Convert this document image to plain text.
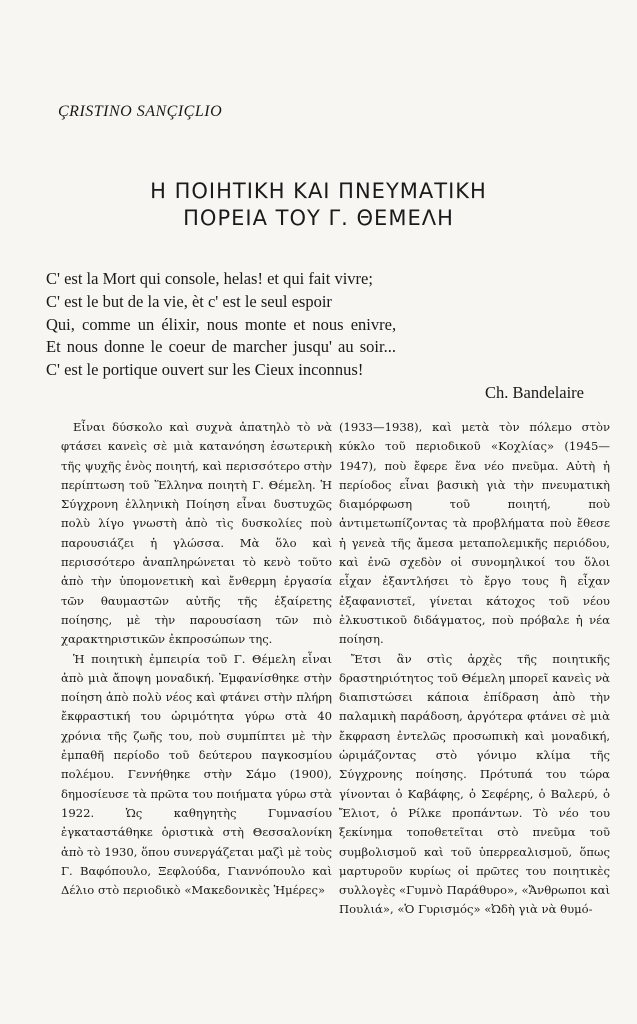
ÇRISTINO SANÇIÇLIO

Η ΠΟΙΗΤΙΚΗ ΚΑΙ ΠΝΕΥΜΑΤΙΚΗ
ΠΟΡΕΙΑ ΤΟΥ Γ. ΘΕΜΕΛΗ
C' est la Mort qui console, helas! et qui fait vivre;
C' est le but de la vie, èt c' est le seul espoir
Qui, comme un élixir, nous monte et nous enivre,
Et nous donne le coeur de marcher jusqu' au soir...
C' est le portique ouvert sur les Cieux inconnus!
Ch. Bandelaire

Εἶναι δύσκολο καὶ συχνὰ ἀπατηλὸ τὸ νὰ φτάσει κανεὶς σὲ μιὰ κατανόηση ἐσωτερικὴ τῆς ψυχῆς ἑνὸς ποιητή, καὶ περισσότερο στὴν περίπτωση τοῦ Ἕλληνα ποιητὴ Γ. Θέμελη. Ἡ Σύγχρονη ἑλληνικὴ Ποίηση εἶναι δυστυχῶς πολὺ λίγο γνωστὴ ἀπὸ τὶς δυσκολίες ποὺ παρουσιάζει ἡ γλώσσα. Μὰ ὅλο καὶ περισσότερο ἀναπληρώνεται τὸ κενὸ τοῦτο ἀπὸ τὴν ὑπομονετικὴ καὶ ἔνθερμη ἐργασία τῶν θαυμαστῶν αὐτῆς τῆς ἐξαίρετης ποίησης, μὲ τὴν παρουσίαση τῶν πιὸ χαρακτηριστικῶν ἐκπροσώπων της.

Ἡ ποιητικὴ ἐμπειρία τοῦ Γ. Θέμελη εἶναι ἀπὸ μιὰ ἄποψη μοναδική. Ἐμφανίσθηκε στὴν ποίηση ἀπὸ πολὺ νέος καὶ φτάνει στὴν πλήρη ἔκφραστική του ὡριμότητα γύρω στὰ 40 χρόνια τῆς ζωῆς του, ποὺ συμπίπτει μὲ τὴν ἐμπαθῆ περίοδο τοῦ δεύτερου παγκοσμίου πολέμου. Γεννήθηκε στὴν Σάμο (1900), δημοσίευσε τὰ πρῶτα του ποιήματα γύρω στὰ 1922. Ὡς καθηγητὴς Γυμνασίου ἐγκαταστάθηκε ὁριστικὰ στὴ Θεσσαλονίκη ἀπὸ τὸ 1930, ὅπου συνεργάζεται μαζὶ μὲ τοὺς Γ. Βαφόπουλο, Ξεφλούδα, Γιαννόπουλο καὶ Δέλιο στὸ περιοδικὸ «Μακεδονικὲς Ἡμέρες»

(1933—1938), καὶ μετὰ τὸν πόλεμο στὸν κύκλο τοῦ περιοδικοῦ «Κοχλίας» (1945—1947), ποὺ ἔφερε ἕνα νέο πνεῦμα. Αὐτὴ ἡ περίοδος εἶναι βασικὴ γιὰ τὴν πνευματικὴ διαμόρφωση τοῦ ποιητή, ποὺ ἀντιμετωπίζοντας τὰ προβλήματα ποὺ ἔθεσε ἡ γενεὰ τῆς ἄμεσα μεταπολεμικῆς περιόδου, καὶ ἐνῶ σχεδὸν οἱ συνομηλικοί του ὅλοι εἶχαν ἐξαντλήσει τὸ ἔργο τους ἢ εἶχαν ἐξαφανιστεῖ, γίνεται κάτοχος τοῦ νέου ἐλκυστικοῦ διδάγματος, ποὺ πρόβαλε ἡ νέα ποίηση.

Ἔτσι ἂν στὶς ἀρχὲς τῆς ποιητικῆς δραστηριότητος τοῦ Θέμελη μπορεῖ κανεὶς νὰ διαπιστώσει κάποια ἐπίδραση ἀπὸ τὴν παλαμικὴ παράδοση, ἀργότερα φτάνει σὲ μιὰ ἔκφραση ἐντελῶς προσωπικὴ καὶ μοναδική, ὡριμάζοντας στὸ γόνιμο κλίμα τῆς Σύγχρονης ποίησης. Πρότυπά του τώρα γίνονται ὁ Καβάφης, ὁ Σεφέρης, ὁ Βαλερύ, ὁ Ἔλιοτ, ὁ Ρίλκε προπάντων. Τὸ νέο του ξεκίνημα τοποθετεῖται στὸ πνεῦμα τοῦ συμβολισμοῦ καὶ τοῦ ὑπερρεαλισμοῦ, ὅπως μαρτυροῦν κυρίως οἱ πρῶτες του ποιητικὲς συλλογὲς «Γυμνὸ Παράθυρο», «Ἄνθρωποι καὶ Πουλιά», «Ὁ Γυρισμός» «Ὠδὴ γιὰ νὰ θυμό-
